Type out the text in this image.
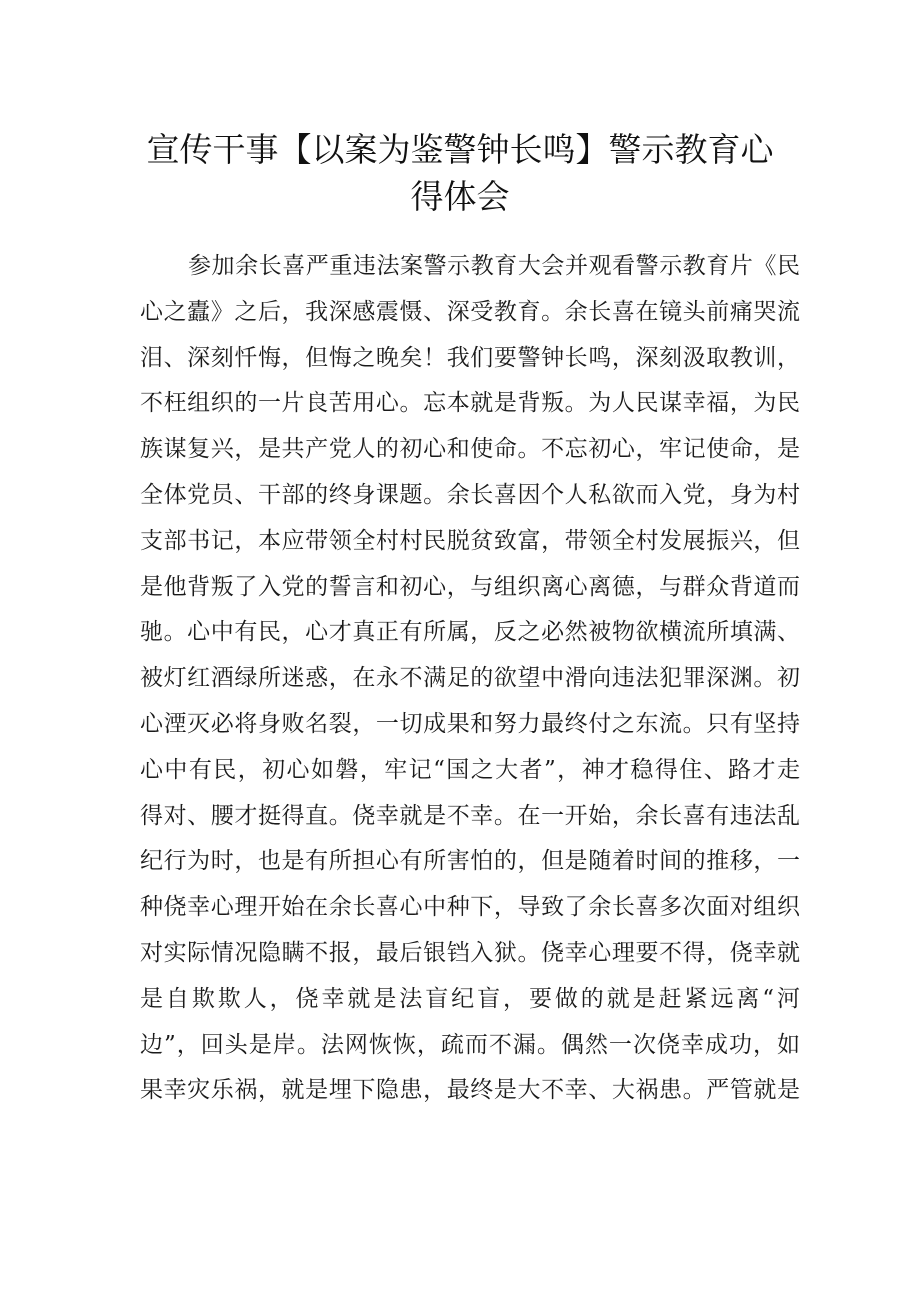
宣传干事【以案为鉴警钟长鸣】警示教育心
得体会
参加余长喜严重违法案警示教育大会并观看警示教育片《民
心之蠹》之后，我深感震慑、深受教育。余长喜在镜头前痛哭流
泪、深刻忏悔，但悔之晚矣！我们要警钟长鸣，深刻汲取教训，
不枉组织的一片良苦用心。忘本就是背叛。为人民谋幸福，为民
族谋复兴，是共产党人的初心和使命。不忘初心，牢记使命，是
全体党员、干部的终身课题。余长喜因个人私欲而入党，身为村
支部书记，本应带领全村村民脱贫致富，带领全村发展振兴，但
是他背叛了入党的誓言和初心，与组织离心离德，与群众背道而
驰。心中有民，心才真正有所属，反之必然被物欲横流所填满、
被灯红酒绿所迷惑，在永不满足的欲望中滑向违法犯罪深渊。初
心湮灭必将身败名裂，一切成果和努力最终付之东流。只有坚持
心中有民，初心如磐，牢记“国之大者”，神才稳得住、路才走
得对、腰才挺得直。侥幸就是不幸。在一开始，余长喜有违法乱
纪行为时，也是有所担心有所害怕的，但是随着时间的推移，一
种侥幸心理开始在余长喜心中种下，导致了余长喜多次面对组织
对实际情况隐瞒不报，最后银铛入狱。侥幸心理要不得，侥幸就
是自欺欺人，侥幸就是法盲纪盲，要做的就是赶紧远离“河
边”，回头是岸。法网恢恢，疏而不漏。偶然一次侥幸成功，如
果幸灾乐祸，就是埋下隐患，最终是大不幸、大祸患。严管就是
